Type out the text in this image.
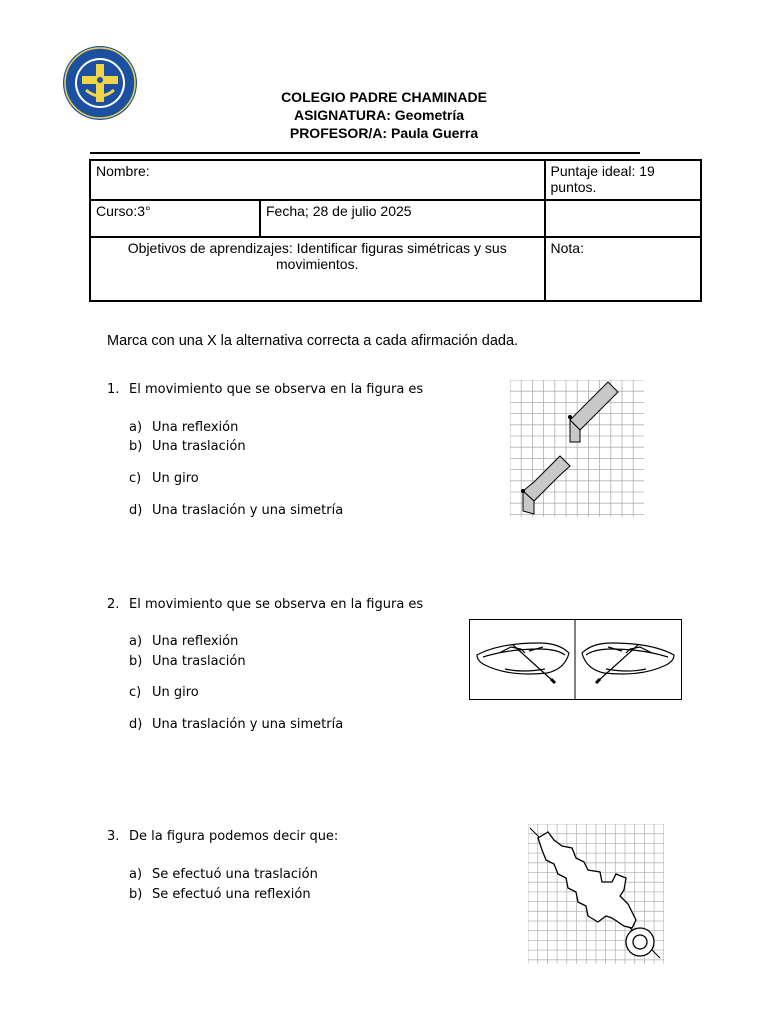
COLEGIO PADRE CHAMINADE
ASIGNATURA: Geometría
PROFESOR/A: Paula Guerra
Nombre:		Puntaje ideal: 19 puntos.
Curso:3°	Fecha; 28 de julio 2025	
Objetivos de aprendizajes: Identificar figuras simétricas y sus movimientos.		Nota:
Marca con una X la alternativa correcta a cada afirmación dada.
1. El movimiento que se observa en la figura es
a) Una reflexión
b) Una traslación
c) Un giro
d) Una traslación y una simetría
2. El movimiento que se observa en la figura es
a) Una reflexión
b) Una traslación
c) Un giro
d) Una traslación y una simetría
3. De la figura podemos decir que:
a) Se efectuó una traslación
b) Se efectuó una reflexión
